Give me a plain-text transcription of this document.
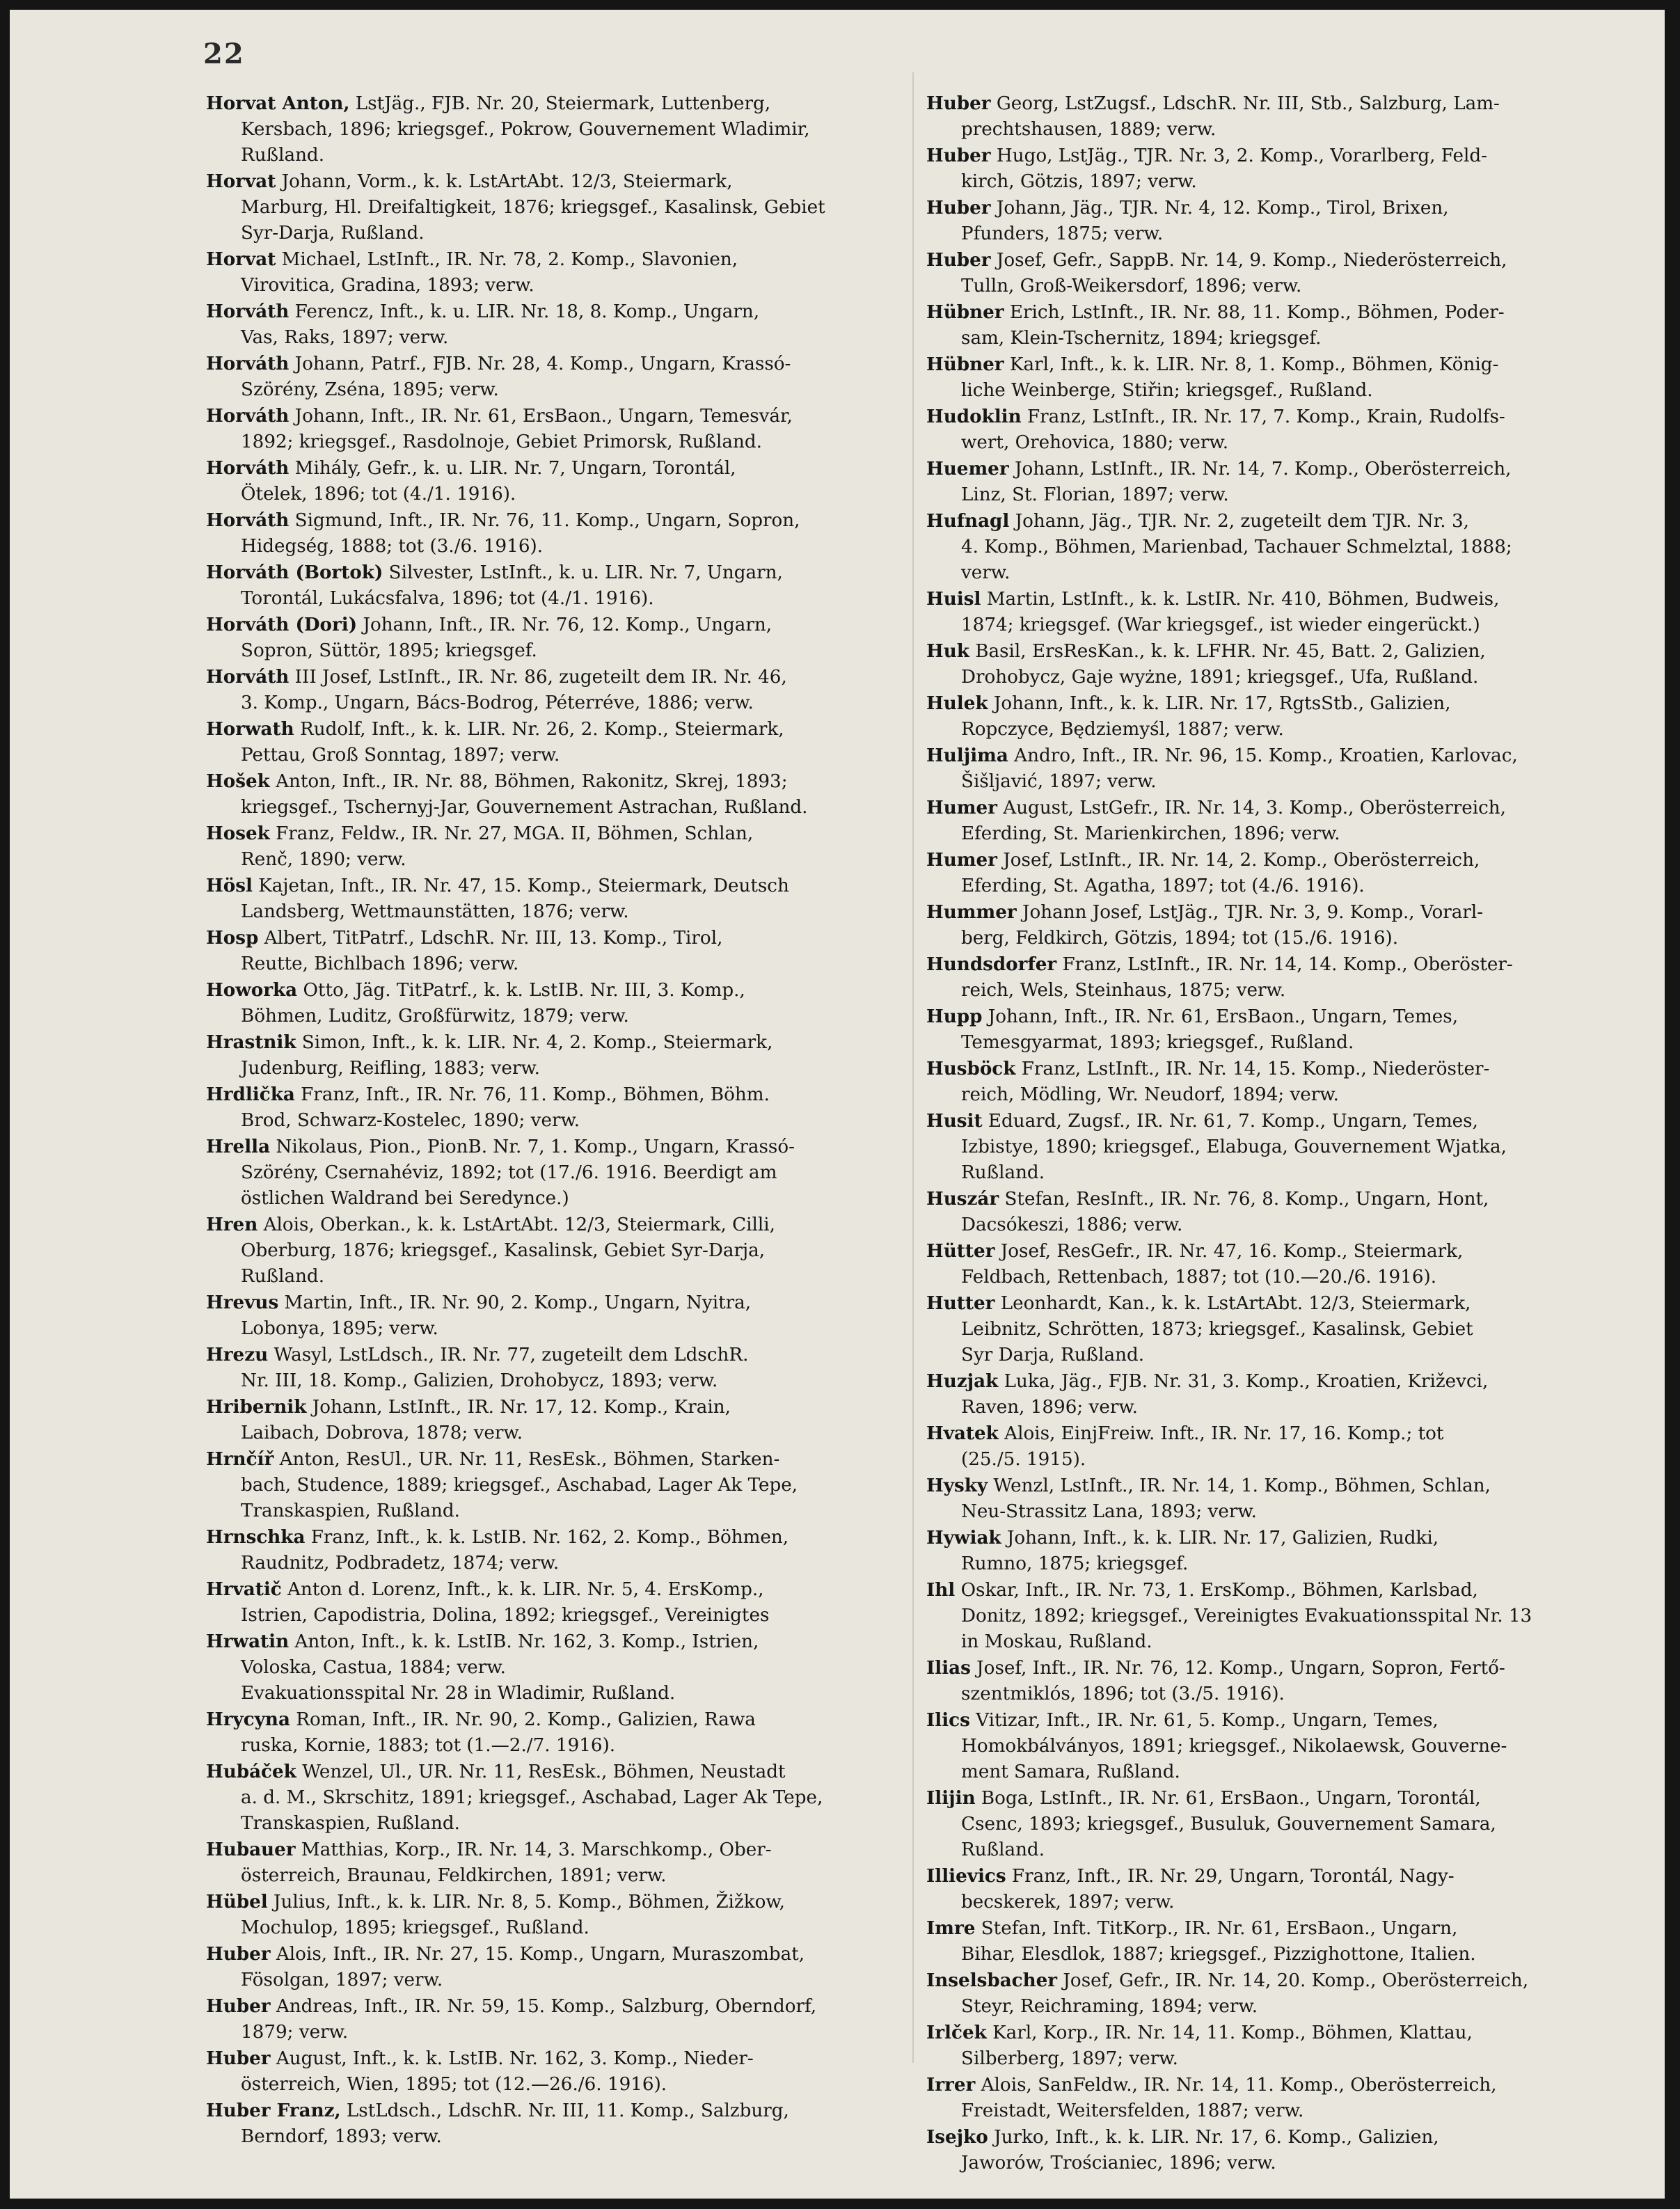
22
Horvat Anton, LstJäg., FJB. Nr. 20, Steiermark, Luttenberg,
Kersbach, 1896; kriegsgef., Pokrow, Gouvernement Wladimir,
Rußland.
Horvat Johann, Vorm., k. k. LstArtAbt. 12/3, Steiermark,
Marburg, Hl. Dreifaltigkeit, 1876; kriegsgef., Kasalinsk, Gebiet
Syr-Darja, Rußland.
Horvat Michael, LstInft., IR. Nr. 78, 2. Komp., Slavonien,
Virovitica, Gradina, 1893; verw.
Horváth Ferencz, Inft., k. u. LIR. Nr. 18, 8. Komp., Ungarn,
Vas, Raks, 1897; verw.
Horváth Johann, Patrf., FJB. Nr. 28, 4. Komp., Ungarn, Krassó-
Szörény, Zséna, 1895; verw.
Horváth Johann, Inft., IR. Nr. 61, ErsBaon., Ungarn, Temesvár,
1892; kriegsgef., Rasdolnoje, Gebiet Primorsk, Rußland.
Horváth Mihály, Gefr., k. u. LIR. Nr. 7, Ungarn, Torontál,
Ötelek, 1896; tot (4./1. 1916).
Horváth Sigmund, Inft., IR. Nr. 76, 11. Komp., Ungarn, Sopron,
Hidegség, 1888; tot (3./6. 1916).
Horváth (Bortok) Silvester, LstInft., k. u. LIR. Nr. 7, Ungarn,
Torontál, Lukácsfalva, 1896; tot (4./1. 1916).
Horváth (Dori) Johann, Inft., IR. Nr. 76, 12. Komp., Ungarn,
Sopron, Süttör, 1895; kriegsgef.
Horváth III Josef, LstInft., IR. Nr. 86, zugeteilt dem IR. Nr. 46,
3. Komp., Ungarn, Bács-Bodrog, Péterréve, 1886; verw.
Horwath Rudolf, Inft., k. k. LIR. Nr. 26, 2. Komp., Steiermark,
Pettau, Groß Sonntag, 1897; verw.
Hošek Anton, Inft., IR. Nr. 88, Böhmen, Rakonitz, Skrej, 1893;
kriegsgef., Tschernyj-Jar, Gouvernement Astrachan, Rußland.
Hosek Franz, Feldw., IR. Nr. 27, MGA. II, Böhmen, Schlan,
Renč, 1890; verw.
Hösl Kajetan, Inft., IR. Nr. 47, 15. Komp., Steiermark, Deutsch
Landsberg, Wettmaunstätten, 1876; verw.
Hosp Albert, TitPatrf., LdschR. Nr. III, 13. Komp., Tirol,
Reutte, Bichlbach 1896; verw.
Howorka Otto, Jäg. TitPatrf., k. k. LstIB. Nr. III, 3. Komp.,
Böhmen, Luditz, Großfürwitz, 1879; verw.
Hrastnik Simon, Inft., k. k. LIR. Nr. 4, 2. Komp., Steiermark,
Judenburg, Reifling, 1883; verw.
Hrdlička Franz, Inft., IR. Nr. 76, 11. Komp., Böhmen, Böhm.
Brod, Schwarz-Kostelec, 1890; verw.
Hrella Nikolaus, Pion., PionB. Nr. 7, 1. Komp., Ungarn, Krassó-
Szörény, Csernahéviz, 1892; tot (17./6. 1916. Beerdigt am
östlichen Waldrand bei Seredynce.)
Hren Alois, Oberkan., k. k. LstArtAbt. 12/3, Steiermark, Cilli,
Oberburg, 1876; kriegsgef., Kasalinsk, Gebiet Syr-Darja,
Rußland.
Hrevus Martin, Inft., IR. Nr. 90, 2. Komp., Ungarn, Nyitra,
Lobonya, 1895; verw.
Hrezu Wasyl, LstLdsch., IR. Nr. 77, zugeteilt dem LdschR.
Nr. III, 18. Komp., Galizien, Drohobycz, 1893; verw.
Hribernik Johann, LstInft., IR. Nr. 17, 12. Komp., Krain,
Laibach, Dobrova, 1878; verw.
Hrnčíř Anton, ResUl., UR. Nr. 11, ResEsk., Böhmen, Starken-
bach, Studence, 1889; kriegsgef., Aschabad, Lager Ak Tepe,
Transkaspien, Rußland.
Hrnschka Franz, Inft., k. k. LstIB. Nr. 162, 2. Komp., Böhmen,
Raudnitz, Podbradetz, 1874; verw.
Hrvatič Anton d. Lorenz, Inft., k. k. LIR. Nr. 5, 4. ErsKomp.,
Istrien, Capodistria, Dolina, 1892; kriegsgef., Vereinigtes
Hrwatin Anton, Inft., k. k. LstIB. Nr. 162, 3. Komp., Istrien,
Voloska, Castua, 1884; verw.
Evakuationsspital Nr. 28 in Wladimir, Rußland.
Hrycyna Roman, Inft., IR. Nr. 90, 2. Komp., Galizien, Rawa
ruska, Kornie, 1883; tot (1.—2./7. 1916).
Hubáček Wenzel, Ul., UR. Nr. 11, ResEsk., Böhmen, Neustadt
a. d. M., Skrschitz, 1891; kriegsgef., Aschabad, Lager Ak Tepe,
Transkaspien, Rußland.
Hubauer Matthias, Korp., IR. Nr. 14, 3. Marschkomp., Ober-
österreich, Braunau, Feldkirchen, 1891; verw.
Hübel Julius, Inft., k. k. LIR. Nr. 8, 5. Komp., Böhmen, Žižkow,
Mochulop, 1895; kriegsgef., Rußland.
Huber Alois, Inft., IR. Nr. 27, 15. Komp., Ungarn, Muraszombat,
Fösolgan, 1897; verw.
Huber Andreas, Inft., IR. Nr. 59, 15. Komp., Salzburg, Oberndorf,
1879; verw.
Huber August, Inft., k. k. LstIB. Nr. 162, 3. Komp., Nieder-
österreich, Wien, 1895; tot (12.—26./6. 1916).
Huber Franz, LstLdsch., LdschR. Nr. III, 11. Komp., Salzburg,
Berndorf, 1893; verw.
Huber Georg, LstZugsf., LdschR. Nr. III, Stb., Salzburg, Lam-
prechtshausen, 1889; verw.
Huber Hugo, LstJäg., TJR. Nr. 3, 2. Komp., Vorarlberg, Feld-
kirch, Götzis, 1897; verw.
Huber Johann, Jäg., TJR. Nr. 4, 12. Komp., Tirol, Brixen,
Pfunders, 1875; verw.
Huber Josef, Gefr., SappB. Nr. 14, 9. Komp., Niederösterreich,
Tulln, Groß-Weikersdorf, 1896; verw.
Hübner Erich, LstInft., IR. Nr. 88, 11. Komp., Böhmen, Poder-
sam, Klein-Tschernitz, 1894; kriegsgef.
Hübner Karl, Inft., k. k. LIR. Nr. 8, 1. Komp., Böhmen, König-
liche Weinberge, Stiřin; kriegsgef., Rußland.
Hudoklin Franz, LstInft., IR. Nr. 17, 7. Komp., Krain, Rudolfs-
wert, Orehovica, 1880; verw.
Huemer Johann, LstInft., IR. Nr. 14, 7. Komp., Oberösterreich,
Linz, St. Florian, 1897; verw.
Hufnagl Johann, Jäg., TJR. Nr. 2, zugeteilt dem TJR. Nr. 3,
4. Komp., Böhmen, Marienbad, Tachauer Schmelztal, 1888;
verw.
Huisl Martin, LstInft., k. k. LstIR. Nr. 410, Böhmen, Budweis,
1874; kriegsgef. (War kriegsgef., ist wieder eingerückt.)
Huk Basil, ErsResKan., k. k. LFHR. Nr. 45, Batt. 2, Galizien,
Drohobycz, Gaje wyżne, 1891; kriegsgef., Ufa, Rußland.
Hulek Johann, Inft., k. k. LIR. Nr. 17, RgtsStb., Galizien,
Ropczyce, Będziemyśl, 1887; verw.
Huljima Andro, Inft., IR. Nr. 96, 15. Komp., Kroatien, Karlovac,
Šišljavić, 1897; verw.
Humer August, LstGefr., IR. Nr. 14, 3. Komp., Oberösterreich,
Eferding, St. Marienkirchen, 1896; verw.
Humer Josef, LstInft., IR. Nr. 14, 2. Komp., Oberösterreich,
Eferding, St. Agatha, 1897; tot (4./6. 1916).
Hummer Johann Josef, LstJäg., TJR. Nr. 3, 9. Komp., Vorarl-
berg, Feldkirch, Götzis, 1894; tot (15./6. 1916).
Hundsdorfer Franz, LstInft., IR. Nr. 14, 14. Komp., Oberöster-
reich, Wels, Steinhaus, 1875; verw.
Hupp Johann, Inft., IR. Nr. 61, ErsBaon., Ungarn, Temes,
Temesgyarmat, 1893; kriegsgef., Rußland.
Husböck Franz, LstInft., IR. Nr. 14, 15. Komp., Niederöster-
reich, Mödling, Wr. Neudorf, 1894; verw.
Husit Eduard, Zugsf., IR. Nr. 61, 7. Komp., Ungarn, Temes,
Izbistye, 1890; kriegsgef., Elabuga, Gouvernement Wjatka,
Rußland.
Huszár Stefan, ResInft., IR. Nr. 76, 8. Komp., Ungarn, Hont,
Dacsókeszi, 1886; verw.
Hütter Josef, ResGefr., IR. Nr. 47, 16. Komp., Steiermark,
Feldbach, Rettenbach, 1887; tot (10.—20./6. 1916).
Hutter Leonhardt, Kan., k. k. LstArtAbt. 12/3, Steiermark,
Leibnitz, Schrötten, 1873; kriegsgef., Kasalinsk, Gebiet
Syr Darja, Rußland.
Huzjak Luka, Jäg., FJB. Nr. 31, 3. Komp., Kroatien, Križevci,
Raven, 1896; verw.
Hvatek Alois, EinjFreiw. Inft., IR. Nr. 17, 16. Komp.; tot
(25./5. 1915).
Hysky Wenzl, LstInft., IR. Nr. 14, 1. Komp., Böhmen, Schlan,
Neu-Strassitz Lana, 1893; verw.
Hywiak Johann, Inft., k. k. LIR. Nr. 17, Galizien, Rudki,
Rumno, 1875; kriegsgef.
Ihl Oskar, Inft., IR. Nr. 73, 1. ErsKomp., Böhmen, Karlsbad,
Donitz, 1892; kriegsgef., Vereinigtes Evakuationsspital Nr. 13
in Moskau, Rußland.
Ilias Josef, Inft., IR. Nr. 76, 12. Komp., Ungarn, Sopron, Fertő-
szentmiklós, 1896; tot (3./5. 1916).
Ilics Vitizar, Inft., IR. Nr. 61, 5. Komp., Ungarn, Temes,
Homokbálványos, 1891; kriegsgef., Nikolaewsk, Gouverne-
ment Samara, Rußland.
Ilijin Boga, LstInft., IR. Nr. 61, ErsBaon., Ungarn, Torontál,
Csenc, 1893; kriegsgef., Busuluk, Gouvernement Samara,
Rußland.
Illievics Franz, Inft., IR. Nr. 29, Ungarn, Torontál, Nagy-
becskerek, 1897; verw.
Imre Stefan, Inft. TitKorp., IR. Nr. 61, ErsBaon., Ungarn,
Bihar, Elesdlok, 1887; kriegsgef., Pizzighottone, Italien.
Inselsbacher Josef, Gefr., IR. Nr. 14, 20. Komp., Oberösterreich,
Steyr, Reichraming, 1894; verw.
Irlček Karl, Korp., IR. Nr. 14, 11. Komp., Böhmen, Klattau,
Silberberg, 1897; verw.
Irrer Alois, SanFeldw., IR. Nr. 14, 11. Komp., Oberösterreich,
Freistadt, Weitersfelden, 1887; verw.
Isejko Jurko, Inft., k. k. LIR. Nr. 17, 6. Komp., Galizien,
Jaworów, Trościaniec, 1896; verw.
